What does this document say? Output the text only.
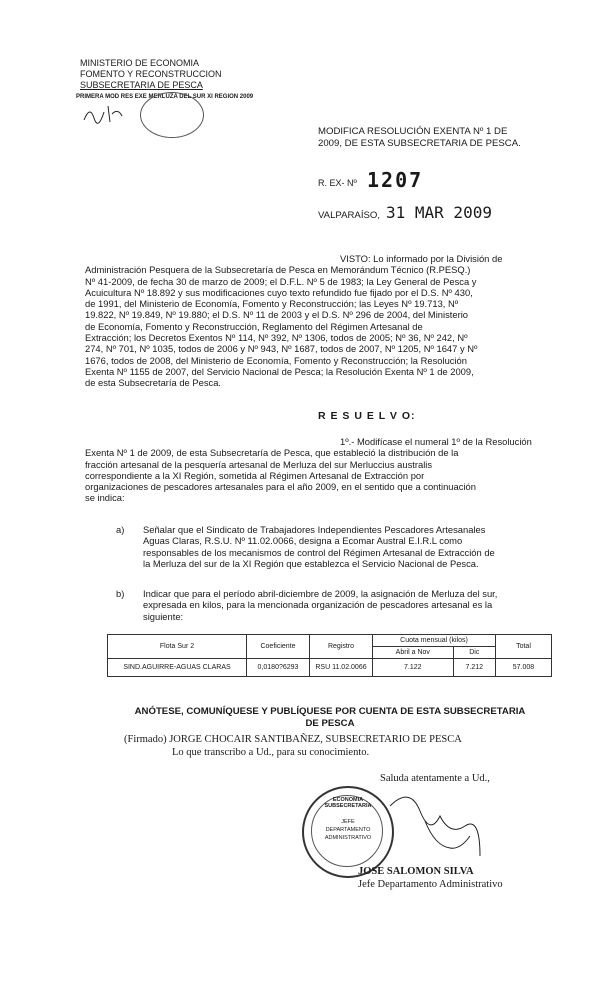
MINISTERIO DE ECONOMIA
FOMENTO Y RECONSTRUCCION
SUBSECRETARIA DE PESCA
PRIMERA MOD RES EXE MERLUZA DEL SUR XI REGION 2009
MODIFICA RESOLUCIÓN EXENTA Nº 1 DE
2009, DE ESTA SUBSECRETARIA DE PESCA.
R. EX- Nº 1207
VALPARAÍSO, 31 MAR 2009
VISTO: Lo informado por la División de
Administración Pesquera de la Subsecretaría de Pesca en Memorándum Técnico (R.PESQ.)
Nº 41-2009, de fecha 30 de marzo de 2009; el D.F.L. Nº 5 de 1983; la Ley General de Pesca y
Acuicultura Nº 18.892 y sus modificaciones cuyo texto refundido fue fijado por el D.S. Nº 430,
de 1991, del Ministerio de Economía, Fomento y Reconstrucción; las Leyes Nº 19.713, Nº
19.822, Nº 19.849, Nº 19.880; el D.S. Nº 11 de 2003 y el D.S. Nº 296 de 2004, del Ministerio
de Economía, Fomento y Reconstrucción, Reglamento del Régimen Artesanal de
Extracción; los Decretos Exentos Nº 114, Nº 392, Nº 1306, todos de 2005; Nº 36, Nº 242, Nº
274, Nº 701, Nº 1035, todos de 2006 y Nº 943, Nº 1687, todos de 2007, Nº 1205, Nº 1647 y Nº
1676, todos de 2008, del Ministerio de Economía, Fomento y Reconstrucción; la Resolución
Exenta Nº 1155 de 2007, del Servicio Nacional de Pesca; la Resolución Exenta Nº 1 de 2009,
de esta Subsecretaría de Pesca.
R E S U E L V O:
1º.- Modifícase el numeral 1º de la Resolución
Exenta Nº 1 de 2009, de esta Subsecretaría de Pesca, que estableció la distribución de la
fracción artesanal de la pesquería artesanal de Merluza del sur Merluccius australis
correspondiente a la XI Región, sometida al Régimen Artesanal de Extracción por
organizaciones de pescadores artesanales para el año 2009, en el sentido que a continuación
se indica:
a) Señalar que el Sindicato de Trabajadores Independientes Pescadores Artesanales
Aguas Claras, R.S.U. Nº 11.02.0066, designa a Ecomar Austral E.I.R.L como
responsables de los mecanismos de control del Régimen Artesanal de Extracción de
la Merluza del sur de la XI Región que establezca el Servicio Nacional de Pesca.
b) Indicar que para el período abril-diciembre de 2009, la asignación de Merluza del sur,
expresada en kilos, para la mencionada organización de pescadores artesanal es la
siguiente:
Flota Sur 2	Coeficiente	Registro	Cuota mensual (kilos)		Total
			Abril a Nov	Dic	
SIND.AGUIRRE-AGUAS CLARAS	0,0180?6293	RSU 11.02.0066	7.122	7.212	57.008
ANÓTESE, COMUNÍQUESE Y PUBLÍQUESE POR CUENTA DE ESTA SUBSECRETARIA
DE PESCA
(Firmado) JORGE CHOCAIR SANTIBAÑEZ, SUBSECRETARIO DE PESCA
Lo que transcribo a Ud., para su conocimiento.
Saluda atentamente a Ud.,
ECONOMIA SUBSECRETARIA
JEFE
DEPARTAMENTO
ADMINISTRATIVO
JOSE SALOMON SILVA
Jefe Departamento Administrativo
